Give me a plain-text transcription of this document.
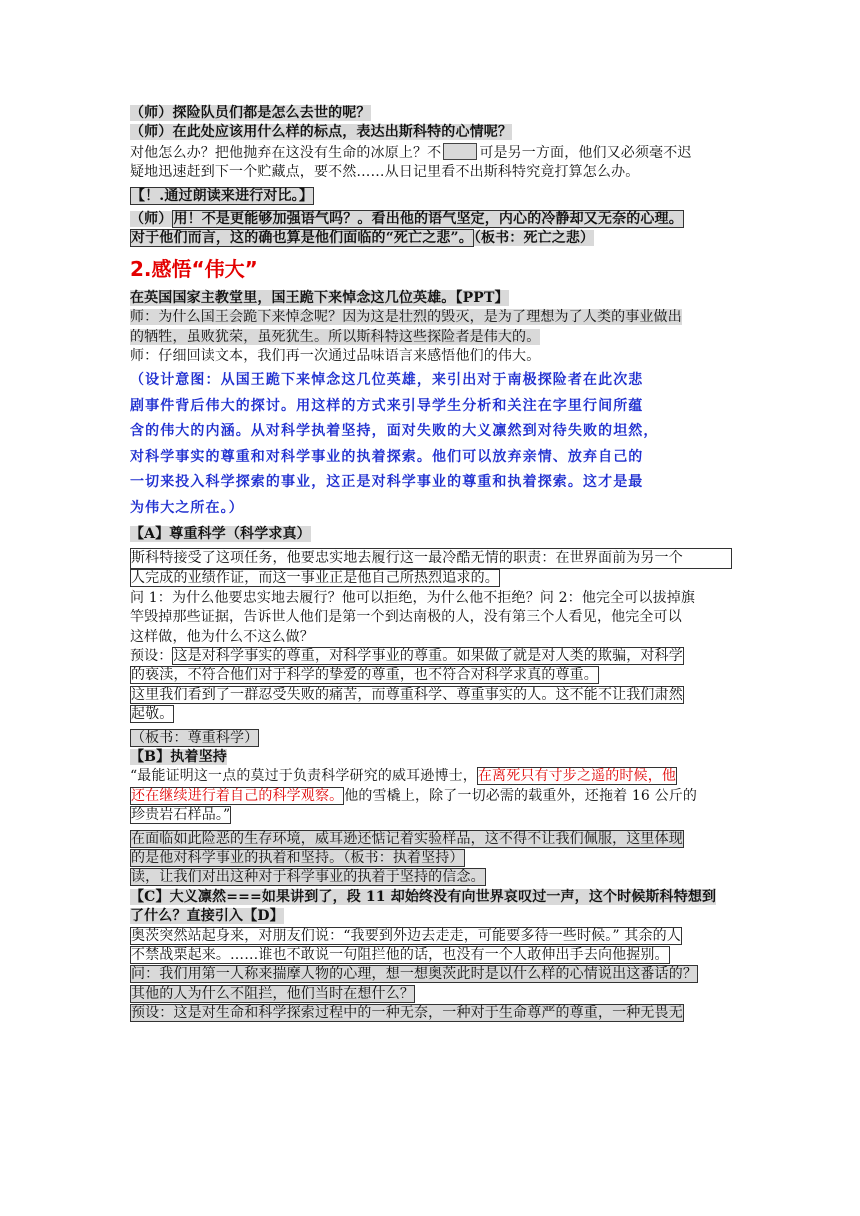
（师）探险队员们都是怎么去世的呢？
（师）在此处应该用什么样的标点，表达出斯科特的心情呢？
对他怎么办？把他抛弃在这没有生命的冰原上？不	可是另一方面，他们又必须毫不迟
疑地迅速赶到下一个贮藏点，要不然……从日记里看不出斯科特究竟打算怎么办。
【！.通过朗读来进行对比。】
（师）用！不是更能够加强语气吗？。看出他的语气坚定，内心的冷静却又无奈的心理。
对于他们而言，这的确也算是他们面临的“死亡之悲”。（板书：死亡之悲）
2.感悟“伟大”
在英国国家主教堂里，国王跪下来悼念这几位英雄。【PPT】
师：为什么国王会跪下来悼念呢？因为这是壮烈的毁灭，是为了理想为了人类的事业做出
的牺牲，虽败犹荣，虽死犹生。所以斯科特这些探险者是伟大的。
师：仔细回读文本，我们再一次通过品味语言来感悟他们的伟大。
（设计意图：从国王跪下来悼念这几位英雄，来引出对于南极探险者在此次悲
剧事件背后伟大的探讨。用这样的方式来引导学生分析和关注在字里行间所蕴
含的伟大的内涵。从对科学执着坚持，面对失败的大义凛然到对待失败的坦然，
对科学事实的尊重和对科学事业的执着探索。他们可以放弃亲情、放弃自己的
一切来投入科学探索的事业，这正是对科学事业的尊重和执着探索。这才是最
为伟大之所在。）
【A】尊重科学（科学求真）
斯科特接受了这项任务，他要忠实地去履行这一最冷酷无情的职责：在世界面前为另一个
人完成的业绩作证，而这一事业正是他自己所热烈追求的。
问 1：为什么他要忠实地去履行？他可以拒绝，为什么他不拒绝？问 2：他完全可以拔掉旗
竿毁掉那些证据，告诉世人他们是第一个到达南极的人，没有第三个人看见，他完全可以
这样做，他为什么不这么做？
预设：这是对科学事实的尊重，对科学事业的尊重。如果做了就是对人类的欺骗，对科学
的亵渎，不符合他们对于科学的挚爱的尊重，也不符合对科学求真的尊重。
这里我们看到了一群忍受失败的痛苦，而尊重科学、尊重事实的人。这不能不让我们肃然
起敬。
（板书：尊重科学）
【B】执着坚持
“最能证明这一点的莫过于负责科学研究的威耳逊博士，在离死只有寸步之遥的时候，他
还在继续进行着自己的科学观察。他的雪橇上，除了一切必需的载重外，还拖着 16 公斤的
珍贵岩石样品。”
在面临如此险恶的生存环境，威耳逊还惦记着实验样品，这不得不让我们佩服，这里体现
的是他对科学事业的执着和坚持。（板书：执着坚持）
读，让我们对出这种对于科学事业的执着于坚持的信念。
【C】大义凛然===如果讲到了，段 11 却始终没有向世界哀叹过一声，这个时候斯科特想到
了什么？直接引入【D】
奥茨突然站起身来，对朋友们说：“我要到外边去走走，可能要多待一些时候。” 其余的人
不禁战栗起来。……谁也不敢说一句阻拦他的话，也没有一个人敢伸出手去向他握别。
问：我们用第一人称来揣摩人物的心理，想一想奥茨此时是以什么样的心情说出这番话的？
其他的人为什么不阻拦，他们当时在想什么？
预设：这是对生命和科学探索过程中的一种无奈，一种对于生命尊严的尊重，一种无畏无
